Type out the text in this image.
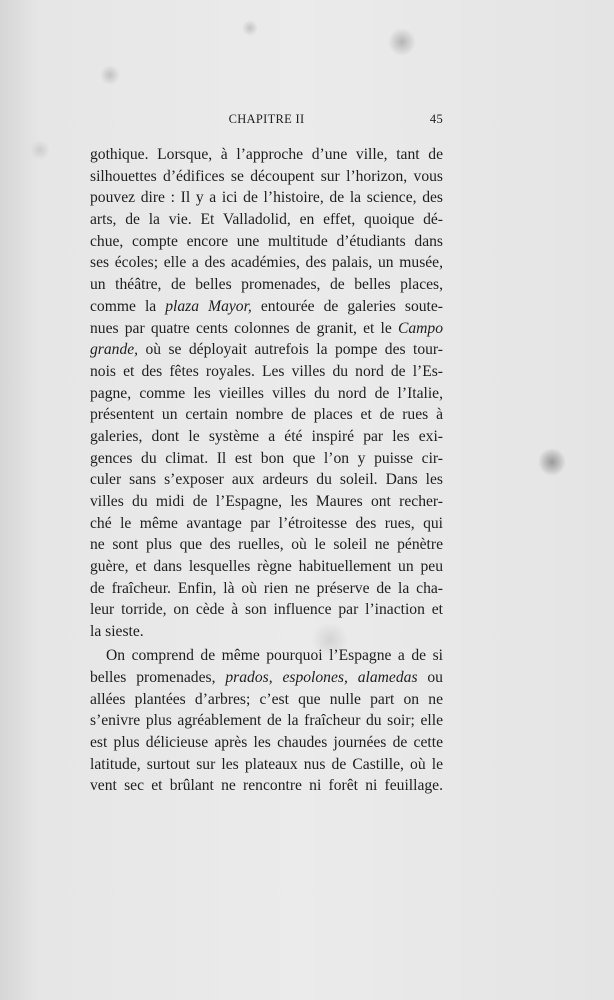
CHAPITRE II	45
gothique. Lorsque, à l’approche d’une ville, tant de
silhouettes d’édifices se découpent sur l’horizon, vous
pouvez dire : Il y a ici de l’histoire, de la science, des
arts, de la vie. Et Valladolid, en effet, quoique dé-
chue, compte encore une multitude d’étudiants dans
ses écoles; elle a des académies, des palais, un musée,
un théâtre, de belles promenades, de belles places,
comme la plaza Mayor, entourée de galeries soute-
nues par quatre cents colonnes de granit, et le Campo
grande, où se déployait autrefois la pompe des tour-
nois et des fêtes royales. Les villes du nord de l’Es-
pagne, comme les vieilles villes du nord de l’Italie,
présentent un certain nombre de places et de rues à
galeries, dont le système a été inspiré par les exi-
gences du climat. Il est bon que l’on y puisse cir-
culer sans s’exposer aux ardeurs du soleil. Dans les
villes du midi de l’Espagne, les Maures ont recher-
ché le même avantage par l’étroitesse des rues, qui
ne sont plus que des ruelles, où le soleil ne pénètre
guère, et dans lesquelles règne habituellement un peu
de fraîcheur. Enfin, là où rien ne préserve de la cha-
leur torride, on cède à son influence par l’inaction et
la sieste.
On comprend de même pourquoi l’Espagne a de si
belles promenades, prados, espolones, alamedas ou
allées plantées d’arbres; c’est que nulle part on ne
s’enivre plus agréablement de la fraîcheur du soir; elle
est plus délicieuse après les chaudes journées de cette
latitude, surtout sur les plateaux nus de Castille, où le
vent sec et brûlant ne rencontre ni forêt ni feuillage.
